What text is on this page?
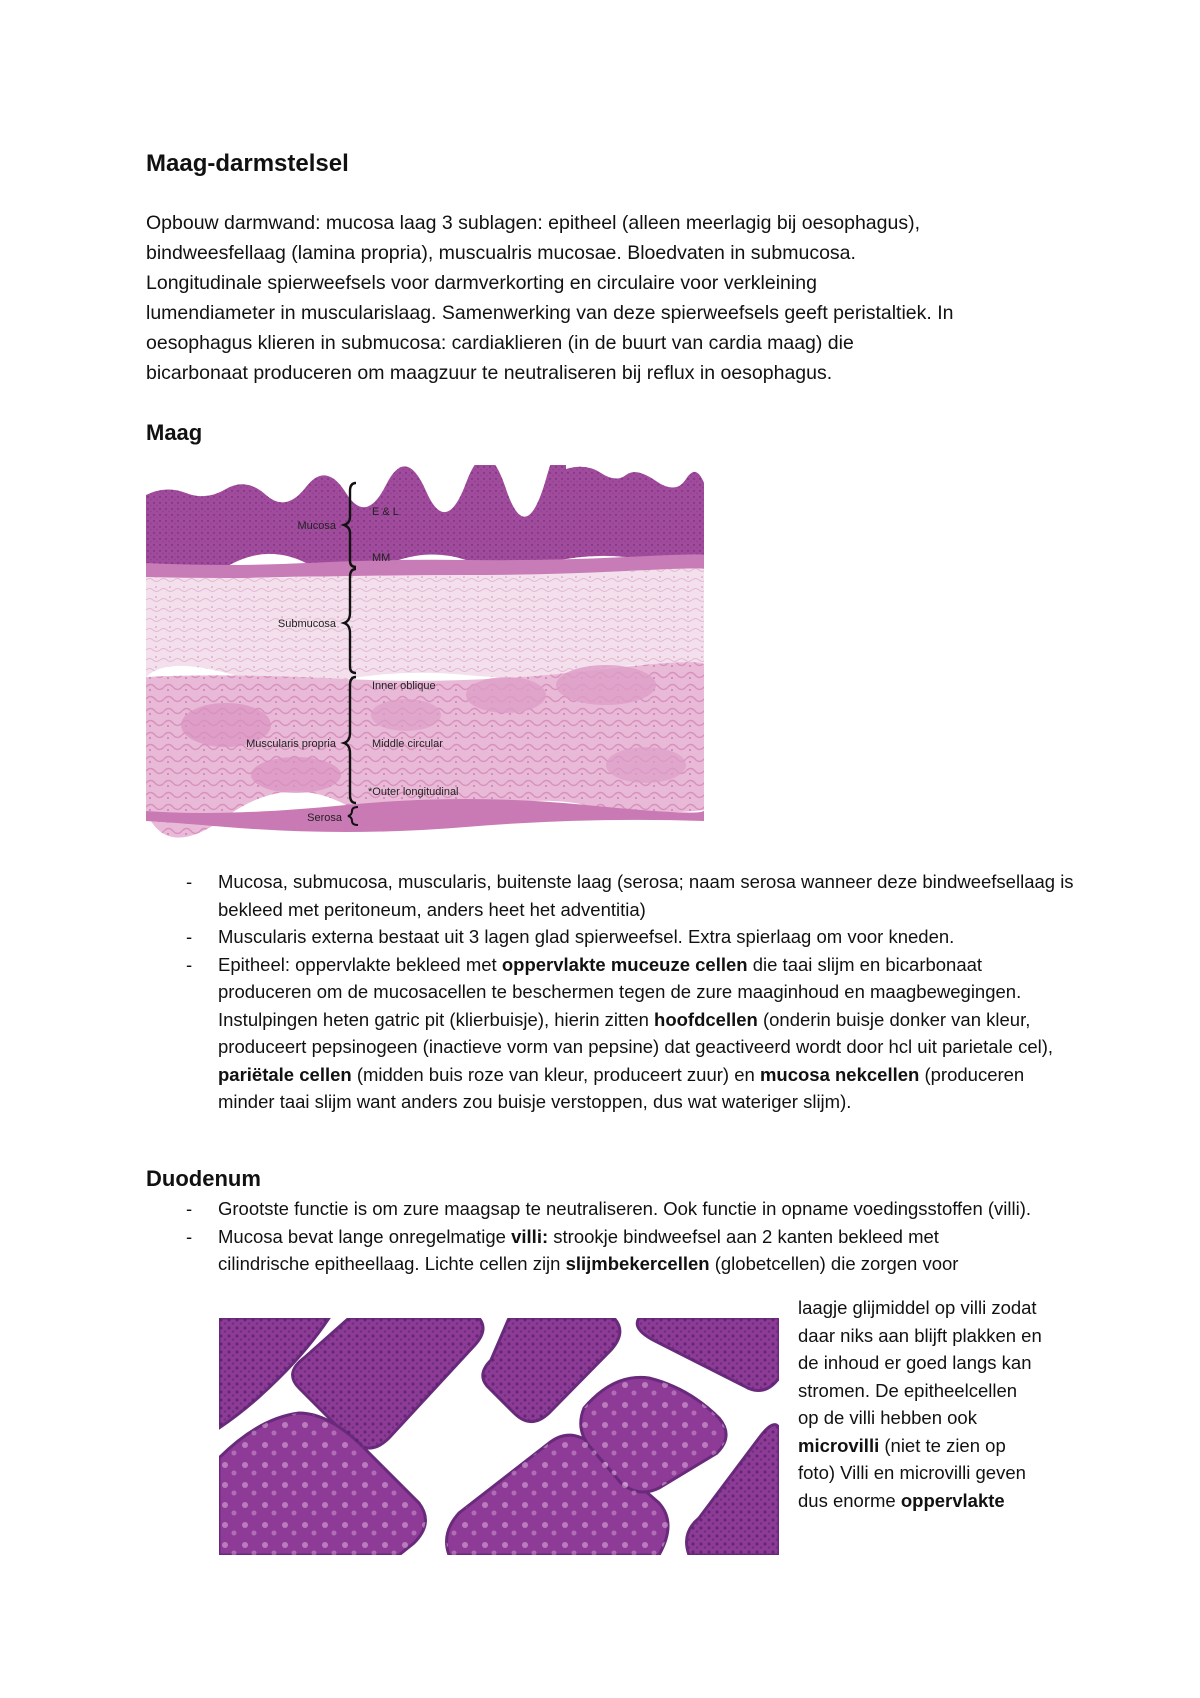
Maag-darmstelsel

Opbouw darmwand: mucosa laag 3 sublagen: epitheel (alleen meerlagig bij oesophagus),

bindweesfellaag (lamina propria), muscualris mucosae. Bloedvaten in submucosa.

Longitudinale spierweefsels voor darmverkorting en circulaire voor verkleining

lumendiameter in muscularislaag. Samenwerking van deze spierweefsels geeft peristaltiek. In

oesophagus klieren in submucosa: cardiaklieren (in de buurt van cardia maag) die

bicarbonaat produceren om maagzuur te neutraliseren bij reflux in oesophagus.

Maag
Mucosa
E & L
MM
Submucosa
Inner oblique
Muscularis propria	Middle circular
*Outer longitudinal
Serosa
- Mucosa, submucosa, muscularis, buitenste laag (serosa; naam serosa wanneer deze bindweefsellaag is bekleed met peritoneum, anders heet het adventitia)
- Muscularis externa bestaat uit 3 lagen glad spierweefsel. Extra spierlaag om voor kneden.
- Epitheel: oppervlakte bekleed met oppervlakte muceuze cellen die taai slijm en bicarbonaat produceren om de mucosacellen te beschermen tegen de zure maaginhoud en maagbewegingen. Instulpingen heten gatric pit (klierbuisje), hierin zitten hoofdcellen (onderin buisje donker van kleur, produceert pepsinogeen (inactieve vorm van pepsine) dat geactiveerd wordt door hcl uit parietale cel), pariëtale cellen (midden buis roze van kleur, produceert zuur) en mucosa nekcellen (produceren minder taai slijm want anders zou buisje verstoppen, dus wat wateriger slijm).
Duodenum
- Grootste functie is om zure maagsap te neutraliseren. Ook functie in opname voedingsstoffen (villi).

- Mucosa bevat lange onregelmatige villi: strookje bindweefsel aan 2 kanten bekleed met

cilindrische epitheellaag. Lichte cellen zijn slijmbekercellen (globetcellen) die zorgen voor

laagje glijmiddel op villi zodat

daar niks aan blijft plakken en

de inhoud er goed langs kan

stromen. De epitheelcellen

op de villi hebben ook

microvilli (niet te zien op

foto) Villi en microvilli geven

dus enorme oppervlakte
